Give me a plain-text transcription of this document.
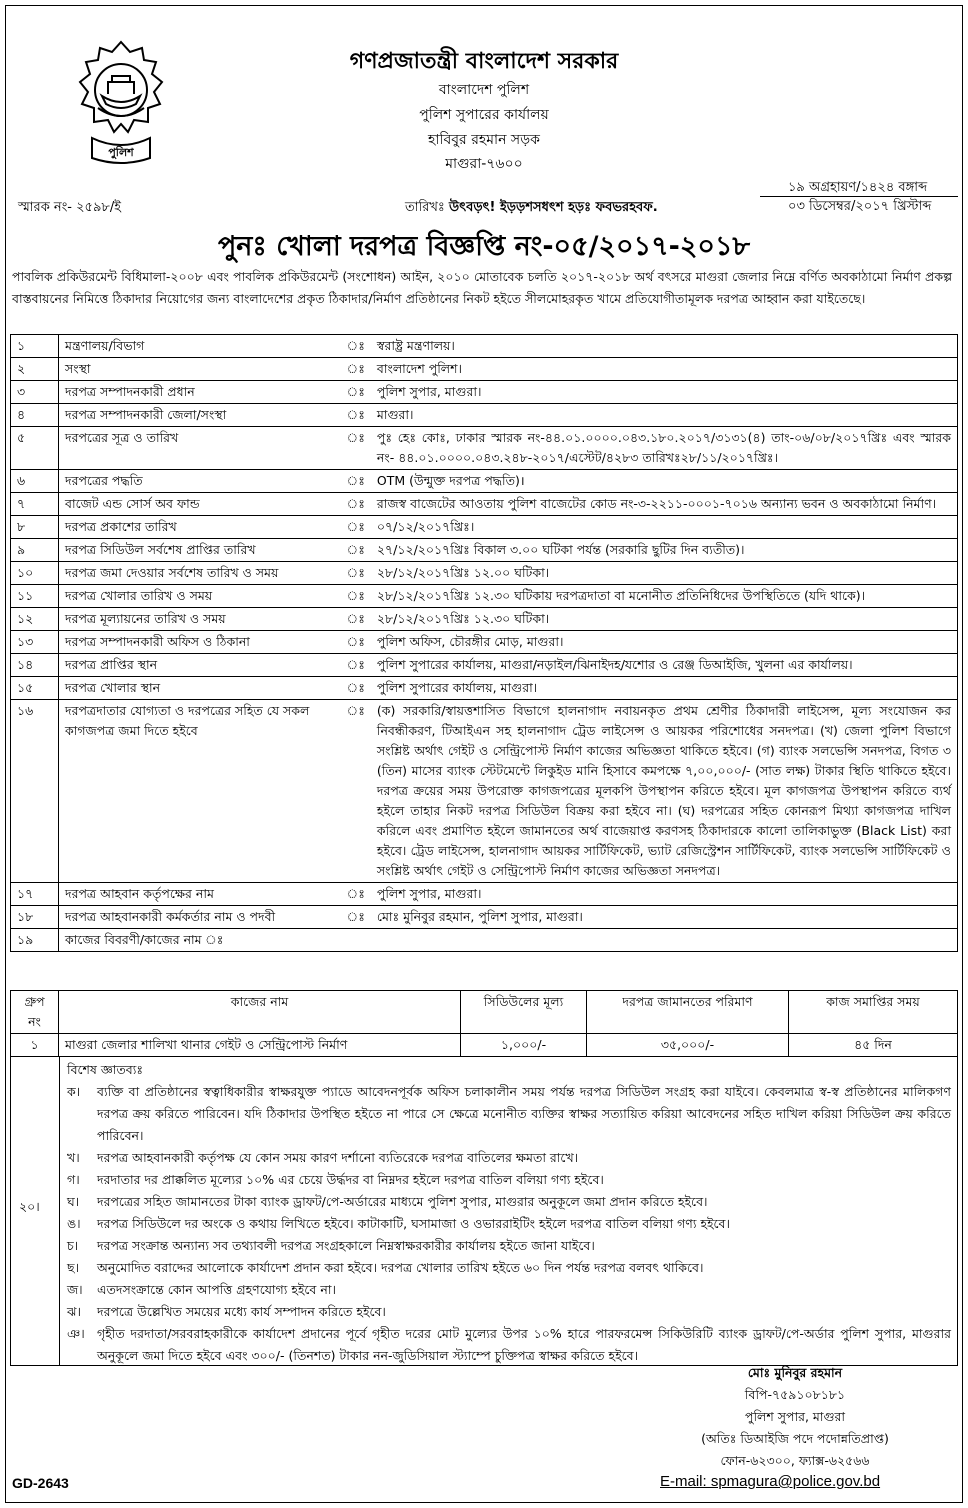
পুলিশ
গণপ্রজাতন্ত্রী বাংলাদেশ সরকার
বাংলাদেশ পুলিশ
পুলিশ সুপারের কার্যালয়
হাবিবুর রহমান সড়ক
মাগুরা-৭৬০০
স্মারক নং- ২৫৯৮/ই	তারিখঃ উৎবড়ৎ! ইড়ড়শসধৎশ হড়ঃ ফবভরহবফ.
১৯ অগ্রহায়ণ/১৪২৪ বঙ্গাব্দ
০৩ ডিসেম্বর/২০১৭ খ্রিস্টাব্দ
পুনঃ খোলা দরপত্র বিজ্ঞপ্তি নং-০৫/২০১৭-২০১৮
পাবলিক প্রকিউরমেন্ট বিধিমালা-২০০৮ এবং পাবলিক প্রকিউরমেন্ট (সংশোধন) আইন, ২০১০ মোতাবেক চলতি ২০১৭-২০১৮ অর্থ বৎসরে মাগুরা জেলার নিম্নে বর্ণিত অবকাঠামো নির্মাণ প্রকল্প বাস্তবায়নের নিমিত্তে ঠিকাদার নিয়োগের জন্য বাংলাদেশের প্রকৃত ঠিকাদার/নির্মাণ প্রতিষ্ঠানের নিকট হইতে সীলমোহরকৃত খামে প্রতিযোগীতামূলক দরপত্র আহ্বান করা যাইতেছে।
১	মন্ত্রণালয়/বিভাগ	ঃ	স্বরাষ্ট্র মন্ত্রণালয়।
২	সংস্থা	ঃ	বাংলাদেশ পুলিশ।
৩	দরপত্র সম্পাদনকারী প্রধান	ঃ	পুলিশ সুপার, মাগুরা।
৪	দরপত্র সম্পাদনকারী জেলা/সংস্থা	ঃ	মাগুরা।
৫	দরপত্রের সূত্র ও তারিখ	ঃ	পুঃ হেঃ কোঃ, ঢাকার স্মারক নং-৪৪.০১.০০০০.০৪৩.১৮০.২০১৭/৩১৩১(৪) তাং-০৬/০৮/২০১৭খ্রিঃ এবং স্মারক নং- ৪৪.০১.০০০০.০৪৩.২৪৮-২০১৭/এস্টেট/৪২৮৩ তারিখঃ২৮/১১/২০১৭খ্রিঃ।
৬	দরপত্রের পদ্ধতি	ঃ	OTM (উন্মুক্ত দরপত্র পদ্ধতি)।
৭	বাজেট এন্ড সোর্স অব ফান্ড	ঃ	রাজস্ব বাজেটের আওতায় পুলিশ বাজেটের কোড নং-৩-২২১১-০০০১-৭০১৬ অন্যান্য ভবন ও অবকাঠামো নির্মাণ।
৮	দরপত্র প্রকাশের তারিখ	ঃ	০৭/১২/২০১৭খ্রিঃ।
৯	দরপত্র সিডিউল সর্বশেষ প্রাপ্তির তারিখ	ঃ	২৭/১২/২০১৭খ্রিঃ বিকাল ৩.০০ ঘটিকা পর্যন্ত (সরকারি ছুটির দিন ব্যতীত)।
১০	দরপত্র জমা দেওয়ার সর্বশেষ তারিখ ও সময়	ঃ	২৮/১২/২০১৭খ্রিঃ ১২.০০ ঘটিকা।
১১	দরপত্র খোলার তারিখ ও সময়	ঃ	২৮/১২/২০১৭খ্রিঃ ১২.৩০ ঘটিকায় দরপত্রদাতা বা মনোনীত প্রতিনিধিদের উপস্থিতিতে (যদি থাকে)।
১২	দরপত্র মূল্যায়নের তারিখ ও সময়	ঃ	২৮/১২/২০১৭খ্রিঃ ১২.৩০ ঘটিকা।
১৩	দরপত্র সম্পাদনকারী অফিস ও ঠিকানা	ঃ	পুলিশ অফিস, চৌরঙ্গীর মোড়, মাগুরা।
১৪	দরপত্র প্রাপ্তির স্থান	ঃ	পুলিশ সুপারের কার্যালয়, মাগুরা/নড়াইল/ঝিনাইদহ/যশোর ও রেঞ্জ ডিআইজি, খুলনা এর কার্যালয়।
১৫	দরপত্র খোলার স্থান	ঃ	পুলিশ সুপারের কার্যালয়, মাগুরা।
১৬	দরপত্রদাতার যোগ্যতা ও দরপত্রের সহিত যে সকল কাগজপত্র জমা দিতে হইবে	ঃ	(ক) সরকারি/স্বায়ত্তশাসিত বিভাগে হালনাগাদ নবায়নকৃত প্রথম শ্রেণীর ঠিকাদারী লাইসেন্স, মূল্য সংযোজন কর নিবন্ধীকরণ, টিআইএন সহ হালনাগাদ ট্রেড লাইসেন্স ও আয়কর পরিশোধের সনদপত্র। (খ) জেলা পুলিশ বিভাগে সংশ্লিষ্ট অর্থাৎ গেইট ও সেন্ট্রিপোস্ট নির্মাণ কাজের অভিজ্ঞতা থাকিতে হইবে। (গ) ব্যাংক সলভেন্সি সনদপত্র, বিগত ৩ (তিন) মাসের ব্যাংক স্টেটমেন্টে লিকুইড মানি হিসাবে কমপক্ষে ৭,০০,০০০/- (সাত লক্ষ) টাকার স্থিতি থাকিতে হইবে। দরপত্র ক্রয়ের সময় উপরোক্ত কাগজপত্রের মূলকপি উপস্থাপন করিতে হইবে। মূল কাগজপত্র উপস্থাপন করিতে ব্যর্থ হইলে তাহার নিকট দরপত্র সিডিউল বিক্রয় করা হইবে না। (ঘ) দরপত্রের সহিত কোনরূপ মিথ্যা কাগজপত্র দাখিল করিলে এবং প্রমাণিত হইলে জামানতের অর্থ বাজেয়াপ্ত করণসহ ঠিকাদারকে কালো তালিকাভুক্ত (Black List) করা হইবে। ট্রেড লাইসেন্স, হালনাগাদ আয়কর সার্টিফিকেট, ভ্যাট রেজিস্ট্রেশন সার্টিফিকেট, ব্যাংক সলভেন্সি সার্টিফিকেট ও সংশ্লিষ্ট অর্থাৎ গেইট ও সেন্ট্রিপোস্ট নির্মাণ কাজের অভিজ্ঞতা সনদপত্র।
১৭	দরপত্র আহবান কর্তৃপক্ষের নাম	ঃ	পুলিশ সুপার, মাগুরা।
১৮	দরপত্র আহবানকারী কর্মকর্তার নাম ও পদবী	ঃ	মোঃ মুনিবুর রহমান, পুলিশ সুপার, মাগুরা।
১৯	কাজের বিবরণী/কাজের নাম ঃ		
গ্রুপ নং	কাজের নাম	সিডিউলের মূল্য	দরপত্র জামানতের পরিমাণ	কাজ সমাপ্তির সময়
১	মাগুরা জেলার শালিখা থানার গেইট ও সেন্ট্রিপোস্ট নির্মাণ	১,০০০/-	৩৫,০০০/-	৪৫ দিন
২০।
বিশেষ জ্ঞাতব্যঃ
ক।	ব্যক্তি বা প্রতিষ্ঠানের স্বত্বাধিকারীর স্বাক্ষরযুক্ত প্যাডে আবেদনপূর্বক অফিস চলাকালীন সময় পর্যন্ত দরপত্র সিডিউল সংগ্রহ করা যাইবে। কেবলমাত্র স্ব-স্ব প্রতিষ্ঠানের মালিকগণ দরপত্র ক্রয় করিতে পারিবেন। যদি ঠিকাদার উপস্থিত হইতে না পারে সে ক্ষেত্রে মনোনীত ব্যক্তির স্বাক্ষর সত্যায়িত করিয়া আবেদনের সহিত দাখিল করিয়া সিডিউল ক্রয় করিতে পারিবেন।
খ।	দরপত্র আহবানকারী কর্তৃপক্ষ যে কোন সময় কারণ দর্শানো ব্যতিরেকে দরপত্র বাতিলের ক্ষমতা রাখে।
গ।	দরদাতার দর প্রাক্কলিত মূল্যের ১০% এর চেয়ে উর্দ্ধদর বা নিম্নদর হইলে দরপত্র বাতিল বলিয়া গণ্য হইবে।
ঘ।	দরপত্রের সহিত জামানতের টাকা ব্যাংক ড্রাফট/পে-অর্ডারের মাধ্যমে পুলিশ সুপার, মাগুরার অনুকূলে জমা প্রদান করিতে হইবে।
ঙ।	দরপত্র সিডিউলে দর অংকে ও কথায় লিখিতে হইবে। কাটাকাটি, ঘসামাজা ও ওভাররাইটিং হইলে দরপত্র বাতিল বলিয়া গণ্য হইবে।
চ।	দরপত্র সংক্রান্ত অন্যান্য সব তথ্যাবলী দরপত্র সংগ্রহকালে নিম্নস্বাক্ষরকারীর কার্যালয় হইতে জানা যাইবে।
ছ।	অনুমোদিত বরাদ্দের আলোকে কার্যাদেশ প্রদান করা হইবে। দরপত্র খোলার তারিখ হইতে ৬০ দিন পর্যন্ত দরপত্র বলবৎ থাকিবে।
জ।	এতদসংক্রান্তে কোন আপত্তি গ্রহণযোগ্য হইবে না।
ঝ।	দরপত্রে উল্লেখিত সময়ের মধ্যে কার্য সম্পাদন করিতে হইবে।
ঞ। গৃহীত দরদাতা/সরবরাহকারীকে কার্যাদেশ প্রদানের পূর্বে গৃহীত দরের মোট মুল্যের উপর ১০% হারে পারফরমেন্স সিকিউরিটি ব্যাংক ড্রাফট/পে-অর্ডার পুলিশ সুপার, মাগুরার অনুকূলে জমা দিতে হইবে এবং ৩০০/- (তিনশত) টাকার নন-জুডিসিয়াল স্ট্যাম্পে চুক্তিপত্র স্বাক্ষর করিতে হইবে।
মোঃ মুনিবুর রহমান
বিপি-৭৫৯১০৮১৮১
পুলিশ সুপার, মাগুরা
(অতিঃ ডিআইজি পদে পদোন্নতিপ্রাপ্ত)
ফোন-৬২৩০০, ফ্যাক্স-৬২৫৬৬
GD-2643	E-mail: spmagura@police.gov.bd
